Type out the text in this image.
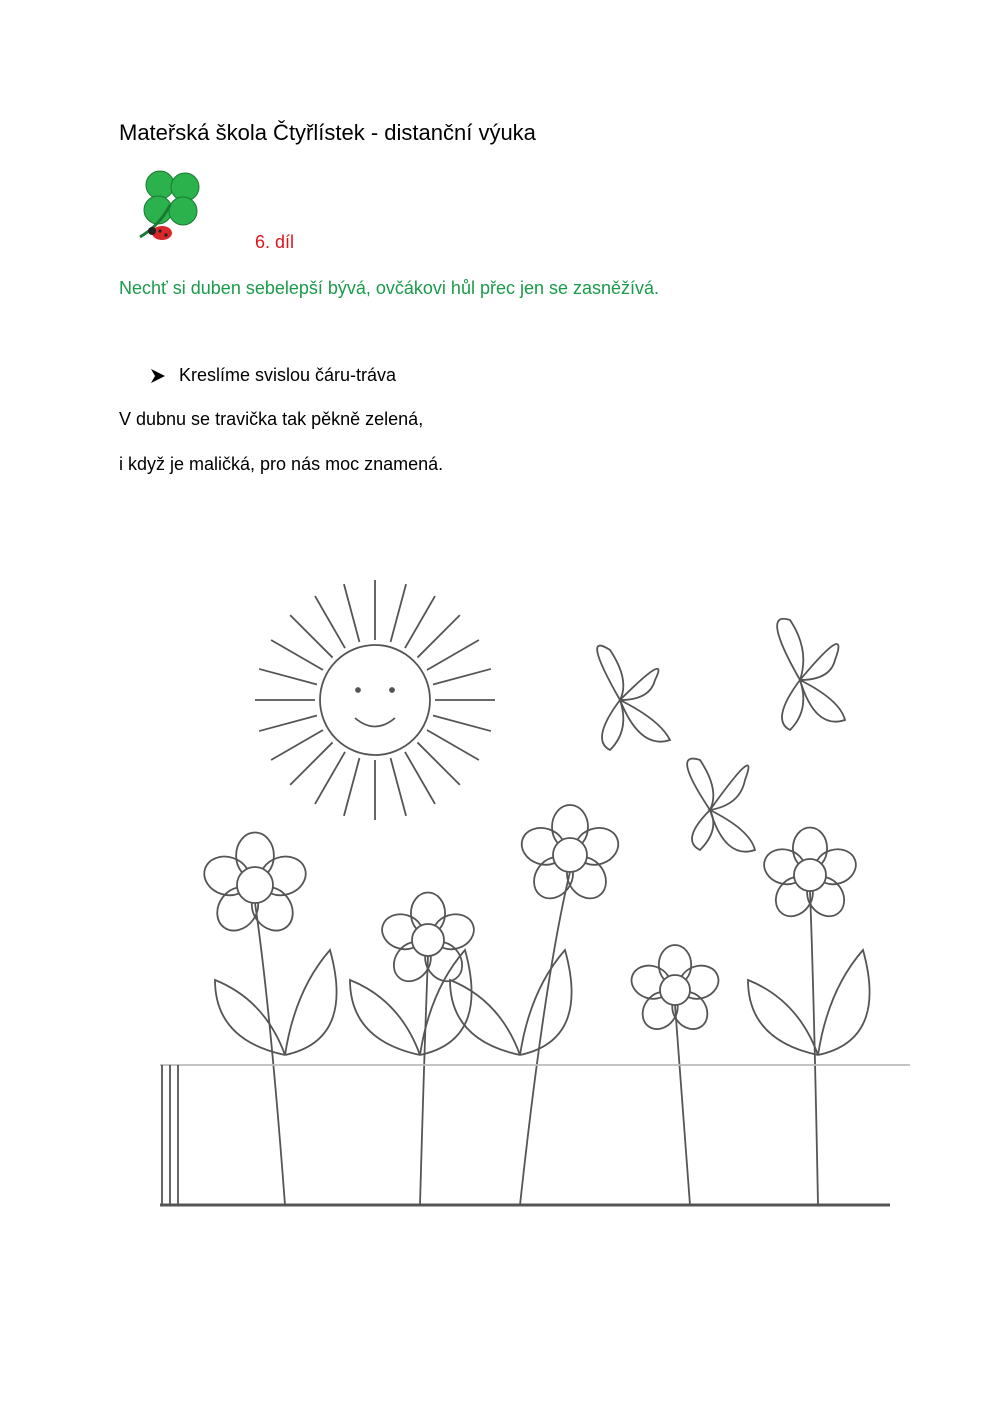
Mateřská škola Čtyřlístek - distanční výuka
6. díl
Nechť si duben sebelepší bývá, ovčákovi hůl přec jen se zasněžívá.
Kreslíme svislou čáru-tráva
V dubnu se travička tak pěkně zelená,
i když je maličká, pro nás moc znamená.
